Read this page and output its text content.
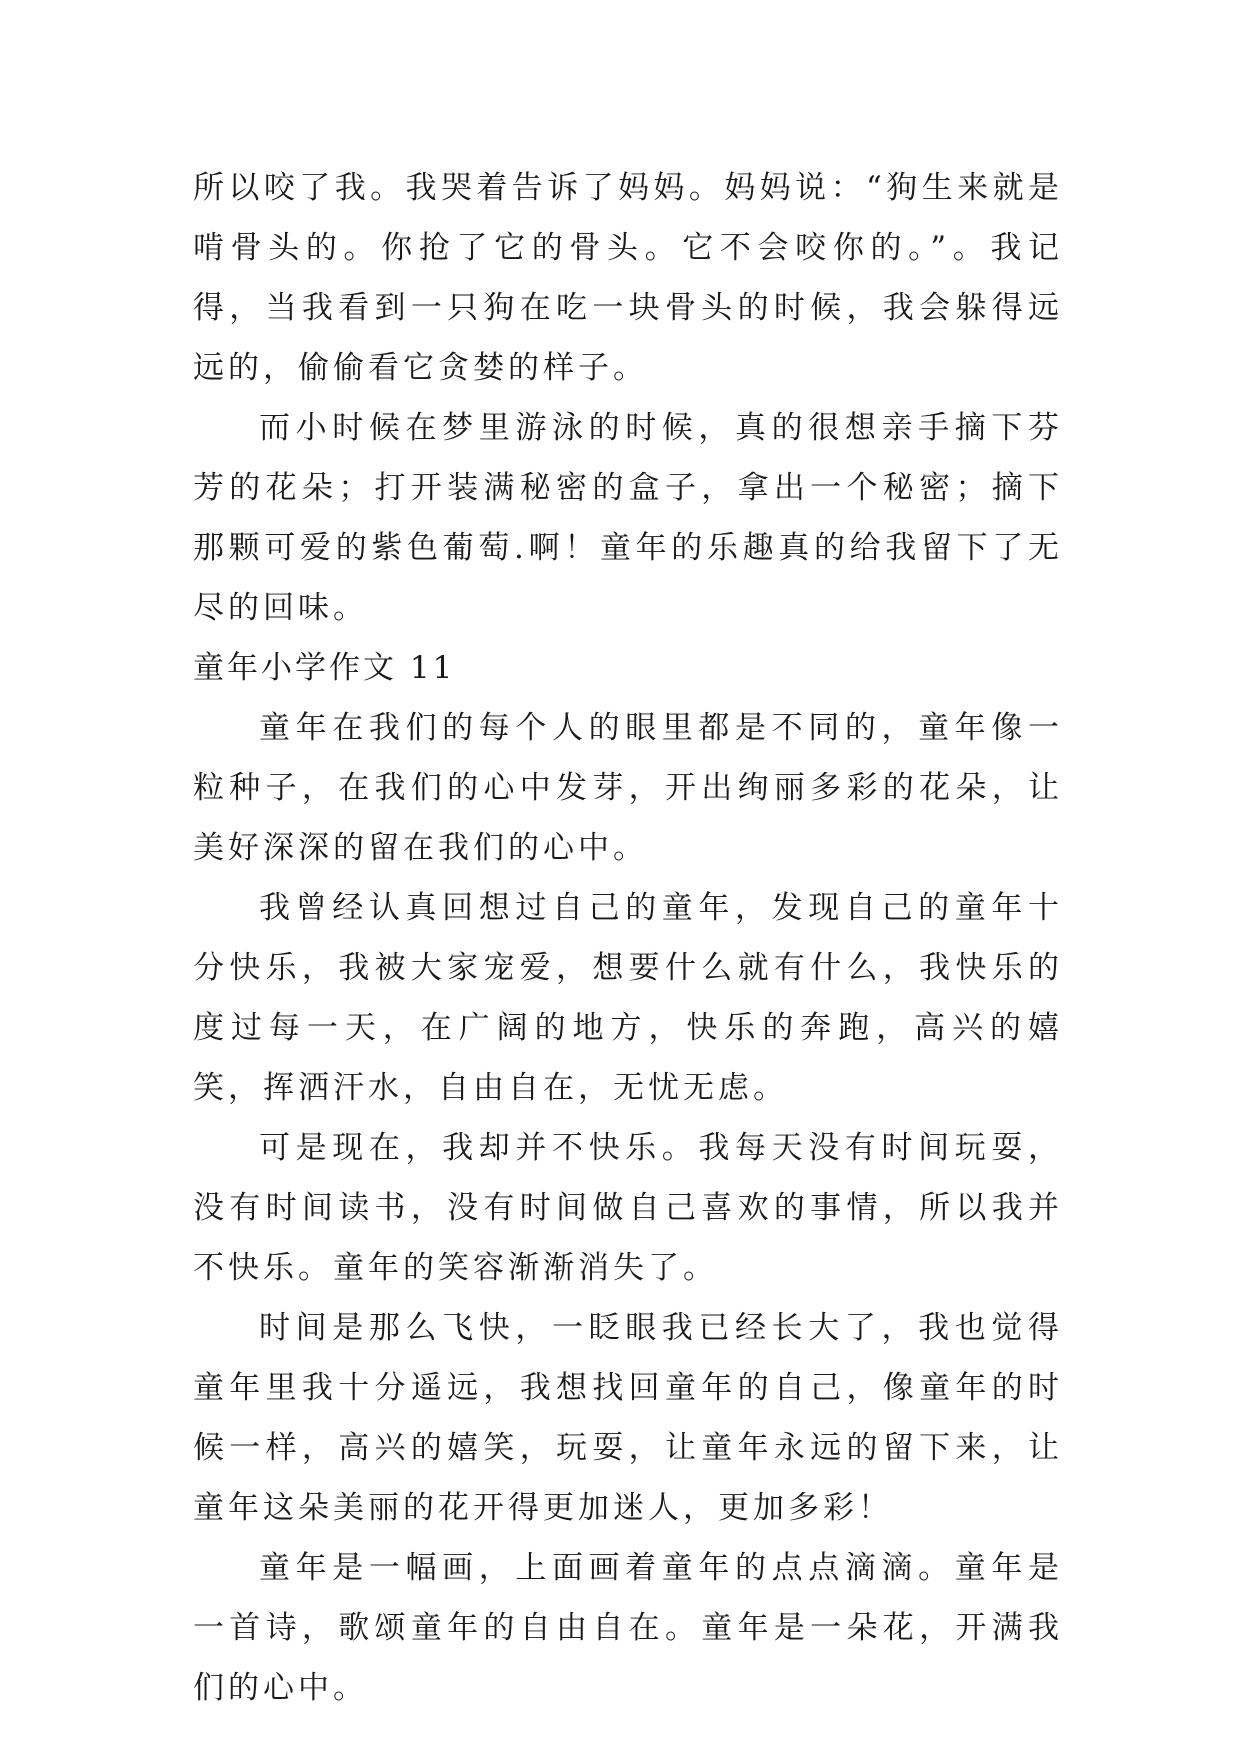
所以咬了我。我哭着告诉了妈妈。妈妈说：“狗生来就是啃骨头的。你抢了它的骨头。它不会咬你的。”。我记得，当我看到一只狗在吃一块骨头的时候，我会躲得远远的，偷偷看它贪婪的样子。

而小时候在梦里游泳的时候，真的很想亲手摘下芬芳的花朵；打开装满秘密的盒子，拿出一个秘密；摘下那颗可爱的紫色葡萄.啊！童年的乐趣真的给我留下了无尽的回味。

童年小学作文 11

童年在我们的每个人的眼里都是不同的，童年像一粒种子，在我们的心中发芽，开出绚丽多彩的花朵，让美好深深的留在我们的心中。

我曾经认真回想过自己的童年，发现自己的童年十分快乐，我被大家宠爱，想要什么就有什么，我快乐的度过每一天，在广阔的地方，快乐的奔跑，高兴的嬉笑，挥洒汗水，自由自在，无忧无虑。

可是现在，我却并不快乐。我每天没有时间玩耍，没有时间读书，没有时间做自己喜欢的事情，所以我并不快乐。童年的笑容渐渐消失了。

时间是那么飞快，一眨眼我已经长大了，我也觉得童年里我十分遥远，我想找回童年的自己，像童年的时候一样，高兴的嬉笑，玩耍，让童年永远的留下来，让童年这朵美丽的花开得更加迷人，更加多彩！

童年是一幅画，上面画着童年的点点滴滴。童年是一首诗，歌颂童年的自由自在。童年是一朵花，开满我们的心中。
